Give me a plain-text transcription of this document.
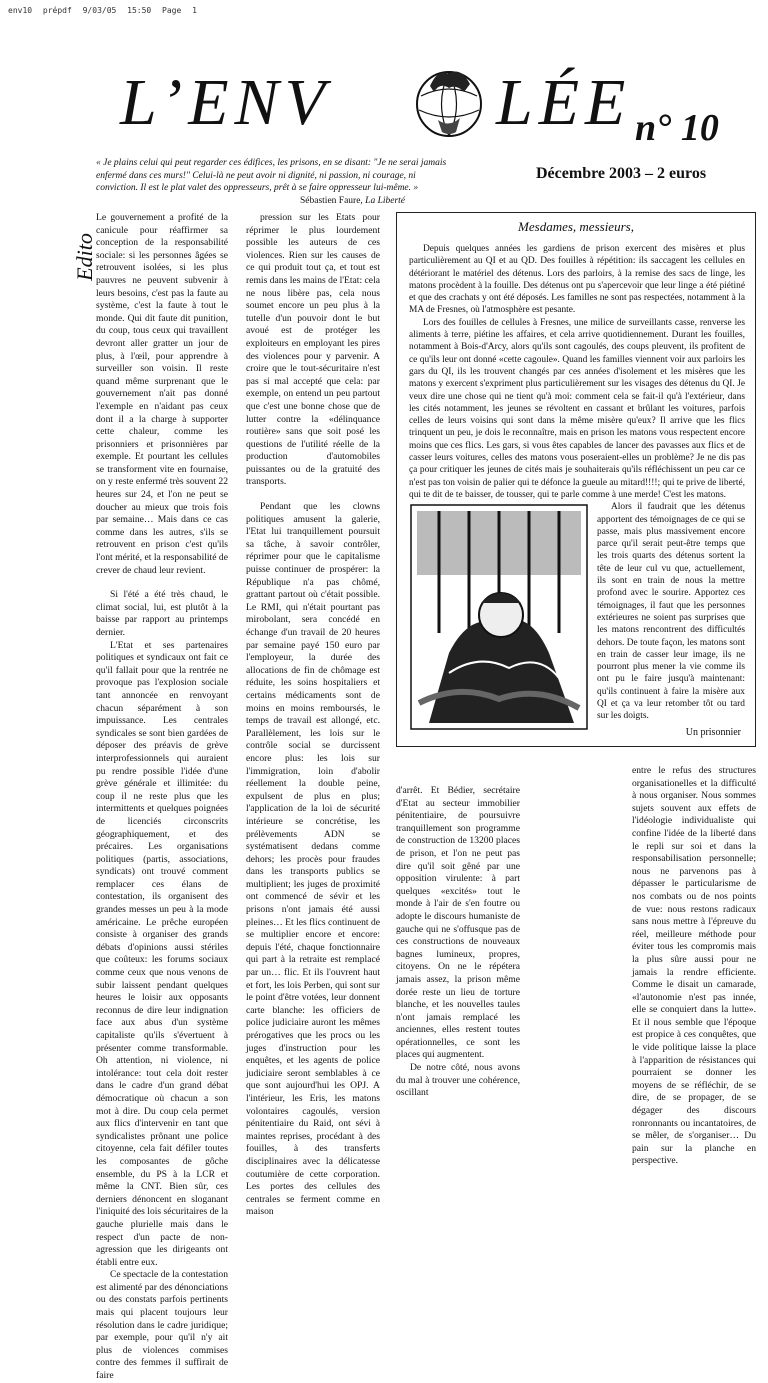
env10 prépdf 9/03/05 15:50 Page 1
L’ENV	LÉE n° 10
« Je plains celui qui peut regarder ces édifices, les prisons, en se disant: "Je ne serai jamais enfermé dans ces murs!" Celui-là ne peut avoir ni dignité, ni passion, ni courage, ni conviction. Il est le plat valet des oppresseurs, prêt à se faire oppresseur lui-même. »
Sébastien Faure, La Liberté
Décembre 2003 – 2 euros
Edito

Le gouvernement a profité de la canicule pour réaffirmer sa conception de la responsabilité sociale: si les personnes âgées se retrouvent isolées, si les plus pauvres ne peuvent subvenir à leurs besoins, c'est pas la faute au système, c'est la faute à tout le monde. Qui dit faute dit punition, du coup, tous ceux qui travaillent devront aller gratter un jour de plus, à l'œil, pour apprendre à surveiller son voisin. Il reste quand même surprenant que le gouvernement n'ait pas donné l'exemple en n'aidant pas ceux dont il a la charge à supporter cette chaleur, comme les prisonniers et prisonnières par exemple. Et pourtant les cellules se transforment vite en fournaise, on y reste enfermé très souvent 22 heures sur 24, et l'on ne peut se doucher au mieux que trois fois par semaine… Mais dans ce cas comme dans les autres, s'ils se retrouvent en prison c'est qu'ils l'ont mérité, et la responsabilité de crever de chaud leur revient.

Si l'été a été très chaud, le climat social, lui, est plutôt à la baisse par rapport au printemps dernier.

L'Etat et ses partenaires politiques et syndicaux ont fait ce qu'il fallait pour que la rentrée ne provoque pas l'explosion sociale tant annoncée en renvoyant chacun séparément à son impuissance. Les centrales syndicales se sont bien gardées de déposer des préavis de grève interprofessionnels qui auraient pu rendre possible l'idée d'une grève générale et illimitée: du coup il ne reste plus que les intermittents et quelques poignées de licenciés circonscrits géographiquement, et des précaires. Les organisations politiques (partis, associations, syndicats) ont trouvé comment remplacer ces élans de contestation, ils organisent des grandes messes un peu à la mode américaine. Le prêche européen consiste à organiser des grands débats d'opinions aussi stériles que coûteux: les forums sociaux comme ceux que nous venons de subir laissent pendant quelques heures le loisir aux opposants reconnus de dire leur indignation face aux abus d'un système capitaliste qu'ils s'évertuent à présenter comme transformable. Oh attention, ni violence, ni intolérance: tout cela doit rester dans le cadre d'un grand débat démocratique où chacun a son mot à dire. Du coup cela permet aux flics d'intervenir en tant que syndicalistes prônant une police citoyenne, cela fait défiler toutes les composantes de gôche ensemble, du PS à la LCR et même la CNT. Bien sûr, ces derniers dénoncent en sloganant l'iniquité des lois sécuritaires de la gauche plurielle mais dans le respect d'un pacte de non-agression que les dirigeants ont établi entre eux.

Ce spectacle de la contestation est alimenté par des dénonciations ou des constats parfois pertinents mais qui placent toujours leur résolution dans le cadre juridique; par exemple, pour qu'il n'y ait plus de violences commises contre des femmes il suffirait de faire

pression sur les Etats pour réprimer le plus lourdement possible les auteurs de ces violences. Rien sur les causes de ce qui produit tout ça, et tout est remis dans les mains de l'Etat: cela ne nous libère pas, cela nous soumet encore un peu plus à la tutelle d'un pouvoir dont le but avoué est de protéger les exploiteurs en employant les pires des violences pour y parvenir. A croire que le tout-sécuritaire n'est pas si mal accepté que cela: par exemple, on entend un peu partout que c'est une bonne chose que de lutter contre la «délinquance routière» sans que soit posé les questions de l'utilité réelle de la production d'automobiles puissantes ou de la gratuité des transports.

Pendant que les clowns politiques amusent la galerie, l'Etat lui tranquillement poursuit sa tâche, à savoir contrôler, réprimer pour que le capitalisme puisse continuer de prospérer: la République n'a pas chômé, grattant partout où c'était possible. Le RMI, qui n'était pourtant pas mirobolant, sera concédé en échange d'un travail de 20 heures par semaine payé 150 euro par l'employeur, la durée des allocations de fin de chômage est réduite, les soins hospitaliers et certains médicaments sont de moins en moins remboursés, le temps de travail est allongé, etc. Parallèlement, les lois sur le contrôle social se durcissent encore plus: les lois sur l'immigration, loin d'abolir réellement la double peine, expulsent de plus en plus; l'application de la loi de sécurité intérieure se concrétise, les prélèvements ADN se systématisent dedans comme dehors; les procès pour fraudes dans les transports publics se multiplient; les juges de proximité ont commencé de sévir et les prisons n'ont jamais été aussi pleines… Et les flics continuent de se multiplier encore et encore: depuis l'été, chaque fonctionnaire qui part à la retraite est remplacé par un… flic. Et ils l'ouvrent haut et fort, les lois Perben, qui sont sur le point d'être votées, leur donnent carte blanche: les officiers de police judiciaire auront les mêmes prérogatives que les procs ou les juges d'instruction pour les enquêtes, et les agents de police judiciaire seront semblables à ce que sont aujourd'hui les OPJ. A l'intérieur, les Eris, les matons volontaires cagoulés, version pénitentiaire du Raid, ont sévi à maintes reprises, procédant à des fouilles, à des transferts disciplinaires avec la délicatesse coutumière de cette corporation. Les portes des cellules des centrales se ferment comme en maison

Mesdames, messieurs,

Depuis quelques années les gardiens de prison exercent des misères et plus particulièrement au QI et au QD. Des fouilles à répétition: ils saccagent les cellules en détériorant le matériel des détenus. Lors des parloirs, à la remise des sacs de linge, les matons procèdent à la fouille. Des détenus ont pu s'apercevoir que leur linge a été piétiné et que des crachats y ont été déposés. Les familles ne sont pas respectées, notamment à la MA de Fresnes, où l'atmosphère est pesante.

Lors des fouilles de cellules à Fresnes, une milice de surveillants casse, renverse les aliments à terre, piétine les affaires, et cela arrive quotidiennement. Durant les fouilles, notamment à Bois-d'Arcy, alors qu'ils sont cagoulés, des coups pleuvent, ils profitent de ce qu'ils leur ont donné «cette cagoule». Quand les familles viennent voir aux parloirs les gars du QI, ils les trouvent changés par ces années d'isolement et les misères que les matons y exercent s'expriment plus particulièrement sur les visages des détenus du QI. Je veux dire une chose qui ne tient qu'à moi: comment cela se fait-il qu'à l'extérieur, dans les cités notamment, les jeunes se révoltent en cassant et brûlant les voitures, parfois celles de leurs voisins qui sont dans la même misère qu'eux? Il arrive que les flics trinquent un peu, je dois le reconnaître, mais en prison les matons vous respectent encore moins que ces flics. Les gars, si vous êtes capables de lancer des pavasses aux flics et de casser leurs voitures, celles des matons vous poseraient-elles un problème? Je ne dis pas ça pour critiquer les jeunes de cités mais je souhaiterais qu'ils réfléchissent un peu car ce n'est pas ton voisin de palier qui te défonce la gueule au mitard!!!!; qui te prive de liberté, qui te dit de te baisser, de tousser, qui te parle comme à une merde! C'est les matons.

Alors il faudrait que les détenus apportent des témoignages de ce qui se passe, mais plus massivement encore parce qu'il serait peut-être temps que les trois quarts des détenus sortent la tête de leur cul vu que, actuellement, ils sont en train de nous la mettre profond avec le sourire. Apportez ces témoignages, il faut que les personnes extérieures ne soient pas surprises que les matons rencontrent des difficultés dehors. De toute façon, les matons sont en train de casser leur image, ils ne pourront plus mener la vie comme ils ont pu le faire jusqu'à maintenant: qu'ils continuent à faire la misère aux QI et ça va leur retomber tôt ou tard sur les doigts.

Un prisonnier

d'arrêt. Et Bédier, secrétaire d'Etat au secteur immobilier pénitentiaire, de poursuivre tranquillement son programme de construction de 13200 places de prison, et l'on ne peut pas dire qu'il soit gêné par une opposition virulente: à part quelques «excités» tout le monde à l'air de s'en foutre ou adopte le discours humaniste de gauche qui ne s'offusque pas de ces constructions de nouveaux bagnes lumineux, propres, citoyens. On ne le répétera jamais assez, la prison même dorée reste un lieu de torture blanche, et les nouvelles taules n'ont jamais remplacé les anciennes, elles restent toutes opérationnelles, ce sont les places qui augmentent.

De notre côté, nous avons du mal à trouver une cohérence, oscillant

entre le refus des structures organisationelles et la difficulté à nous organiser. Nous sommes sujets souvent aux effets de l'idéologie individualiste qui confine l'idée de la liberté dans le repli sur soi et dans la responsabilisation personnelle; nous ne parvenons pas à dépasser le particularisme de nos combats ou de nos points de vue: nous restons radicaux sans nous mettre à l'épreuve du réel, meilleure méthode pour éviter tous les compromis mais la plus sûre aussi pour ne jamais la rendre efficiente. Comme le disait un camarade, «l'autonomie n'est pas innée, elle se conquiert dans la lutte». Et il nous semble que l'époque est propice à ces conquêtes, que le vide politique laisse la place à l'apparition de résistances qui pourraient se donner les moyens de se réfléchir, de se dire, de se propager, de se dégager des discours ronronnants ou incantatoires, de se mêler, de s'organiser… Du pain sur la planche en perspective.
